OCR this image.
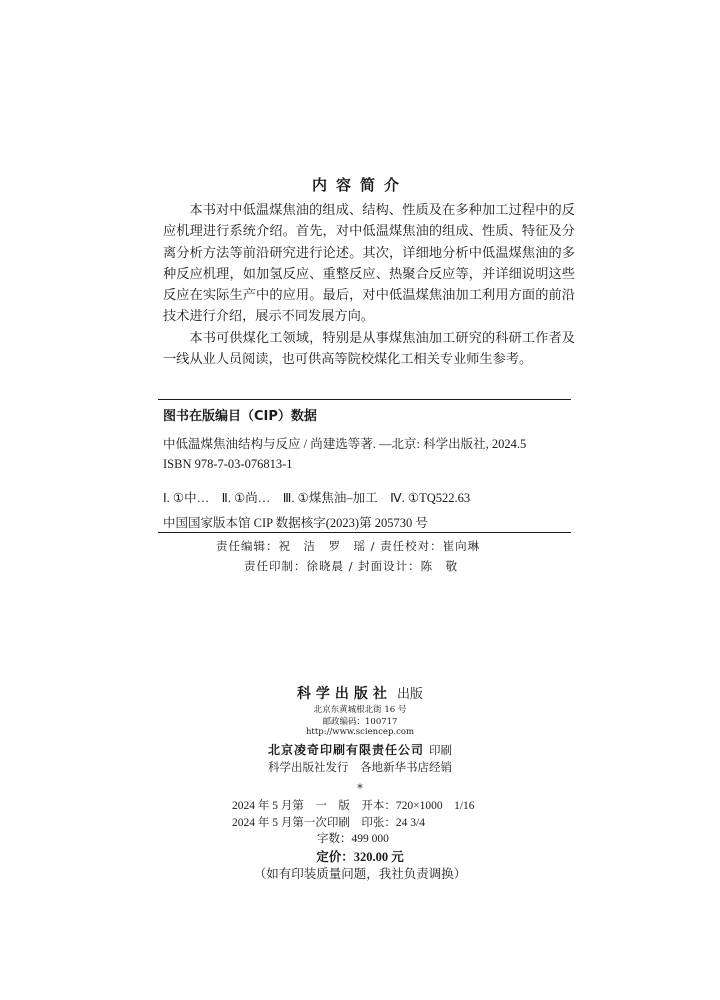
内容简介

本书对中低温煤焦油的组成、结构、性质及在多种加工过程中的反应机理进行系统介绍。首先，对中低温煤焦油的组成、性质、特征及分离分析方法等前沿研究进行论述。其次，详细地分析中低温煤焦油的多种反应机理，如加氢反应、重整反应、热聚合反应等，并详细说明这些反应在实际生产中的应用。最后，对中低温煤焦油加工利用方面的前沿技术进行介绍，展示不同发展方向。

本书可供煤化工领域，特别是从事煤焦油加工研究的科研工作者及一线从业人员阅读，也可供高等院校煤化工相关专业师生参考。

图书在版编目（CIP）数据
中低温煤焦油结构与反应 / 尚建选等著. —北京: 科学出版社, 2024.5
ISBN 978-7-03-076813-1
Ⅰ. ①中…　Ⅱ. ①尚…　Ⅲ. ①煤焦油–加工　Ⅳ. ①TQ522.63
中国国家版本馆 CIP 数据核字(2023)第 205730 号
责任编辑：祝　洁　罗　瑶 / 责任校对：崔向琳
责任印制：徐晓晨 / 封面设计：陈　敬
科学出版社 出版
北京东黄城根北街 16 号
邮政编码：100717
http://www.sciencep.com
北京凌奇印刷有限责任公司 印刷
科学出版社发行　各地新华书店经销
*
2024 年 5 月第　一　版　开本：720×1000　1/16
2024 年 5 月第一次印刷　印张：24 3/4
字数：499 000
定价：320.00 元
（如有印装质量问题，我社负责调换）
